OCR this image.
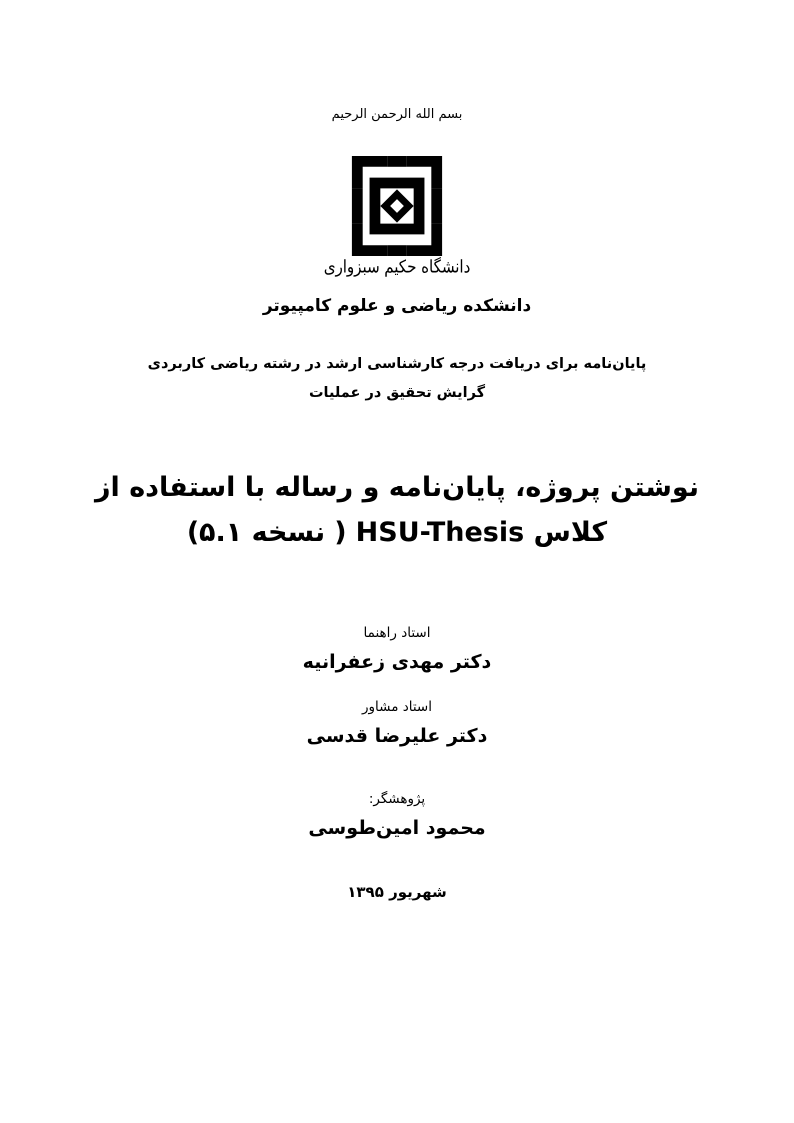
بسم الله الرحمن الرحیم
دانشگاه حکیم سبزواری
دانشکده ریاضی و علوم کامپیوتر
پایان‌نامه برای دریافت درجه کارشناسی ارشد در رشته ریاضی کاربردی
گرایش تحقیق در عملیات
نوشتن پروژه، پایان‌نامه و رساله با استفاده از
کلاس HSU-Thesis ( نسخه ۵.۱)
استاد راهنما
دکتر مهدی زعفرانیه
استاد مشاور
دکتر علیرضا قدسی
پژوهشگر:
محمود امین‌طوسی
شهریور ۱۳۹۵
